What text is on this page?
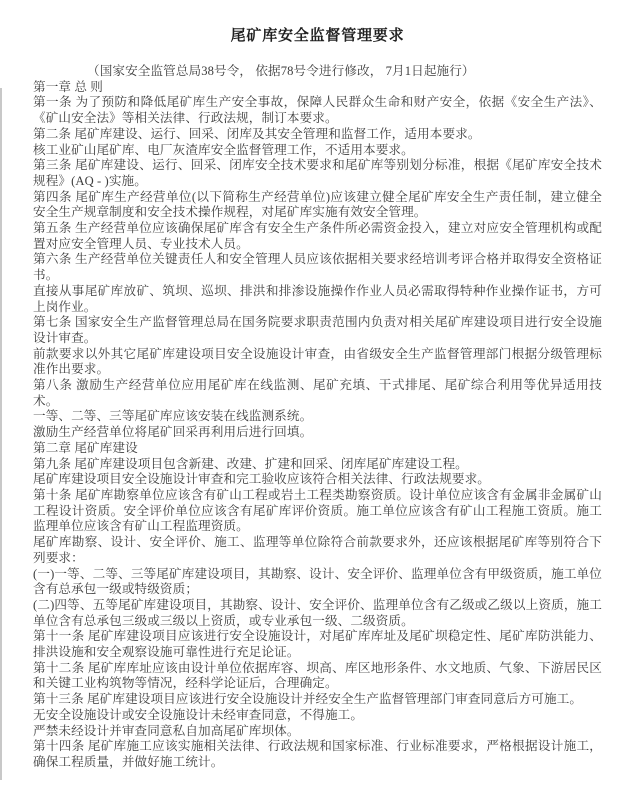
尾矿库安全监督管理要求

（国家安全监管总局38号令， 依据78号令进行修改， 7月1日起施行）

第一章 总 则

第一条 为了预防和降低尾矿库生产安全事故，保障人民群众生命和财产安全，依据《安全生产法》、《矿山安全法》等相关法律、行政法规，制订本要求。

第二条 尾矿库建设、运行、回采、闭库及其安全管理和监督工作，适用本要求。

核工业矿山尾矿库、电厂灰渣库安全监督管理工作，不适用本要求。

第三条 尾矿库建设、运行、回采、闭库安全技术要求和尾矿库等别划分标准，根据《尾矿库安全技术规程》(AQ - )实施。

第四条 尾矿库生产经营单位(以下简称生产经营单位)应该建立健全尾矿库安全生产责任制，建立健全安全生产规章制度和安全技术操作规程，对尾矿库实施有效安全管理。

第五条 生产经营单位应该确保尾矿库含有安全生产条件所必需资金投入，建立对应安全管理机构或配置对应安全管理人员、专业技术人员。

第六条 生产经营单位关键责任人和安全管理人员应该依据相关要求经培训考评合格并取得安全资格证书。

直接从事尾矿库放矿、筑坝、巡坝、排洪和排渗设施操作作业人员必需取得特种作业操作证书，方可上岗作业。

第七条 国家安全生产监督管理总局在国务院要求职责范围内负责对相关尾矿库建设项目进行安全设施设计审查。

前款要求以外其它尾矿库建设项目安全设施设计审查，由省级安全生产监督管理部门根据分级管理标准作出要求。

第八条 激励生产经营单位应用尾矿库在线监测、尾矿充填、干式排尾、尾矿综合利用等优异适用技术。

一等、二等、三等尾矿库应该安装在线监测系统。

激励生产经营单位将尾矿回采再利用后进行回填。

第二章 尾矿库建设

第九条 尾矿库建设项目包含新建、改建、扩建和回采、闭库尾矿库建设工程。

尾矿库建设项目安全设施设计审查和完工验收应该符合相关法律、行政法规要求。

第十条 尾矿库勘察单位应该含有矿山工程或岩土工程类勘察资质。设计单位应该含有金属非金属矿山工程设计资质。安全评价单位应该含有尾矿库评价资质。施工单位应该含有矿山工程施工资质。施工监理单位应该含有矿山工程监理资质。

尾矿库勘察、设计、安全评价、施工、监理等单位除符合前款要求外，还应该根据尾矿库等别符合下列要求：

(一)一等、二等、三等尾矿库建设项目，其勘察、设计、安全评价、监理单位含有甲级资质，施工单位含有总承包一级或特级资质；

(二)四等、五等尾矿库建设项目，其勘察、设计、安全评价、监理单位含有乙级或乙级以上资质，施工单位含有总承包三级或三级以上资质，或专业承包一级、二级资质。

第十一条 尾矿库建设项目应该进行安全设施设计，对尾矿库库址及尾矿坝稳定性、尾矿库防洪能力、排洪设施和安全观察设施可靠性进行充足论证。

第十二条 尾矿库库址应该由设计单位依据库容、坝高、库区地形条件、水文地质、气象、下游居民区和关键工业构筑物等情况，经科学论证后，合理确定。

第十三条 尾矿库建设项目应该进行安全设施设计并经安全生产监督管理部门审查同意后方可施工。

无安全设施设计或安全设施设计未经审查同意，不得施工。

严禁未经设计并审查同意私自加高尾矿库坝体。

第十四条 尾矿库施工应该实施相关法律、行政法规和国家标准、行业标准要求，严格根据设计施工，确保工程质量，并做好施工统计。
